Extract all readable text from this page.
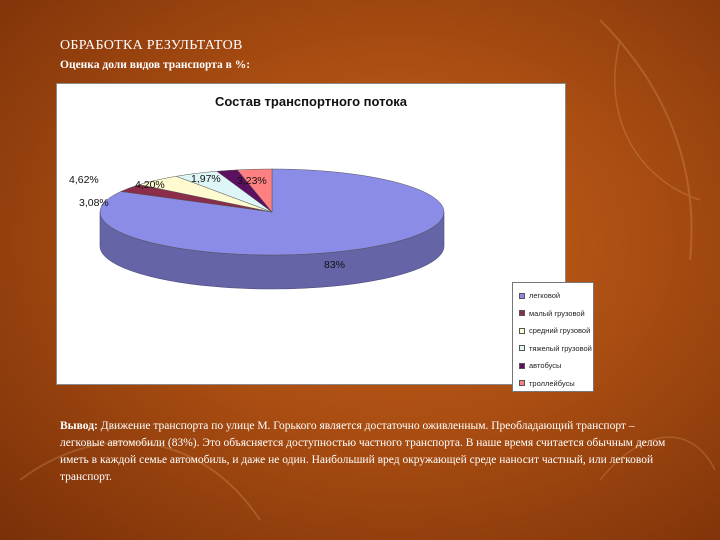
ОБРАБОТКА РЕЗУЛЬТАТОВ
Оценка доли видов транспорта в %:
Состав транспортного потока
83%
3,08%
4,62%	4,20% 1,97% 3,23%
легковой
малый грузовой
средний грузовой
тяжелый грузовой
автобусы
троллейбусы
Вывод: Движение транспорта по улице М. Горького является достаточно оживленным. Преобладающий транспорт – легковые автомобили (83%). Это объясняется доступностью частного транспорта. В наше время считается обычным делом иметь в каждой семье автомобиль, и даже не один. Наибольший вред окружающей среде наносит частный, или легковой транспорт.
